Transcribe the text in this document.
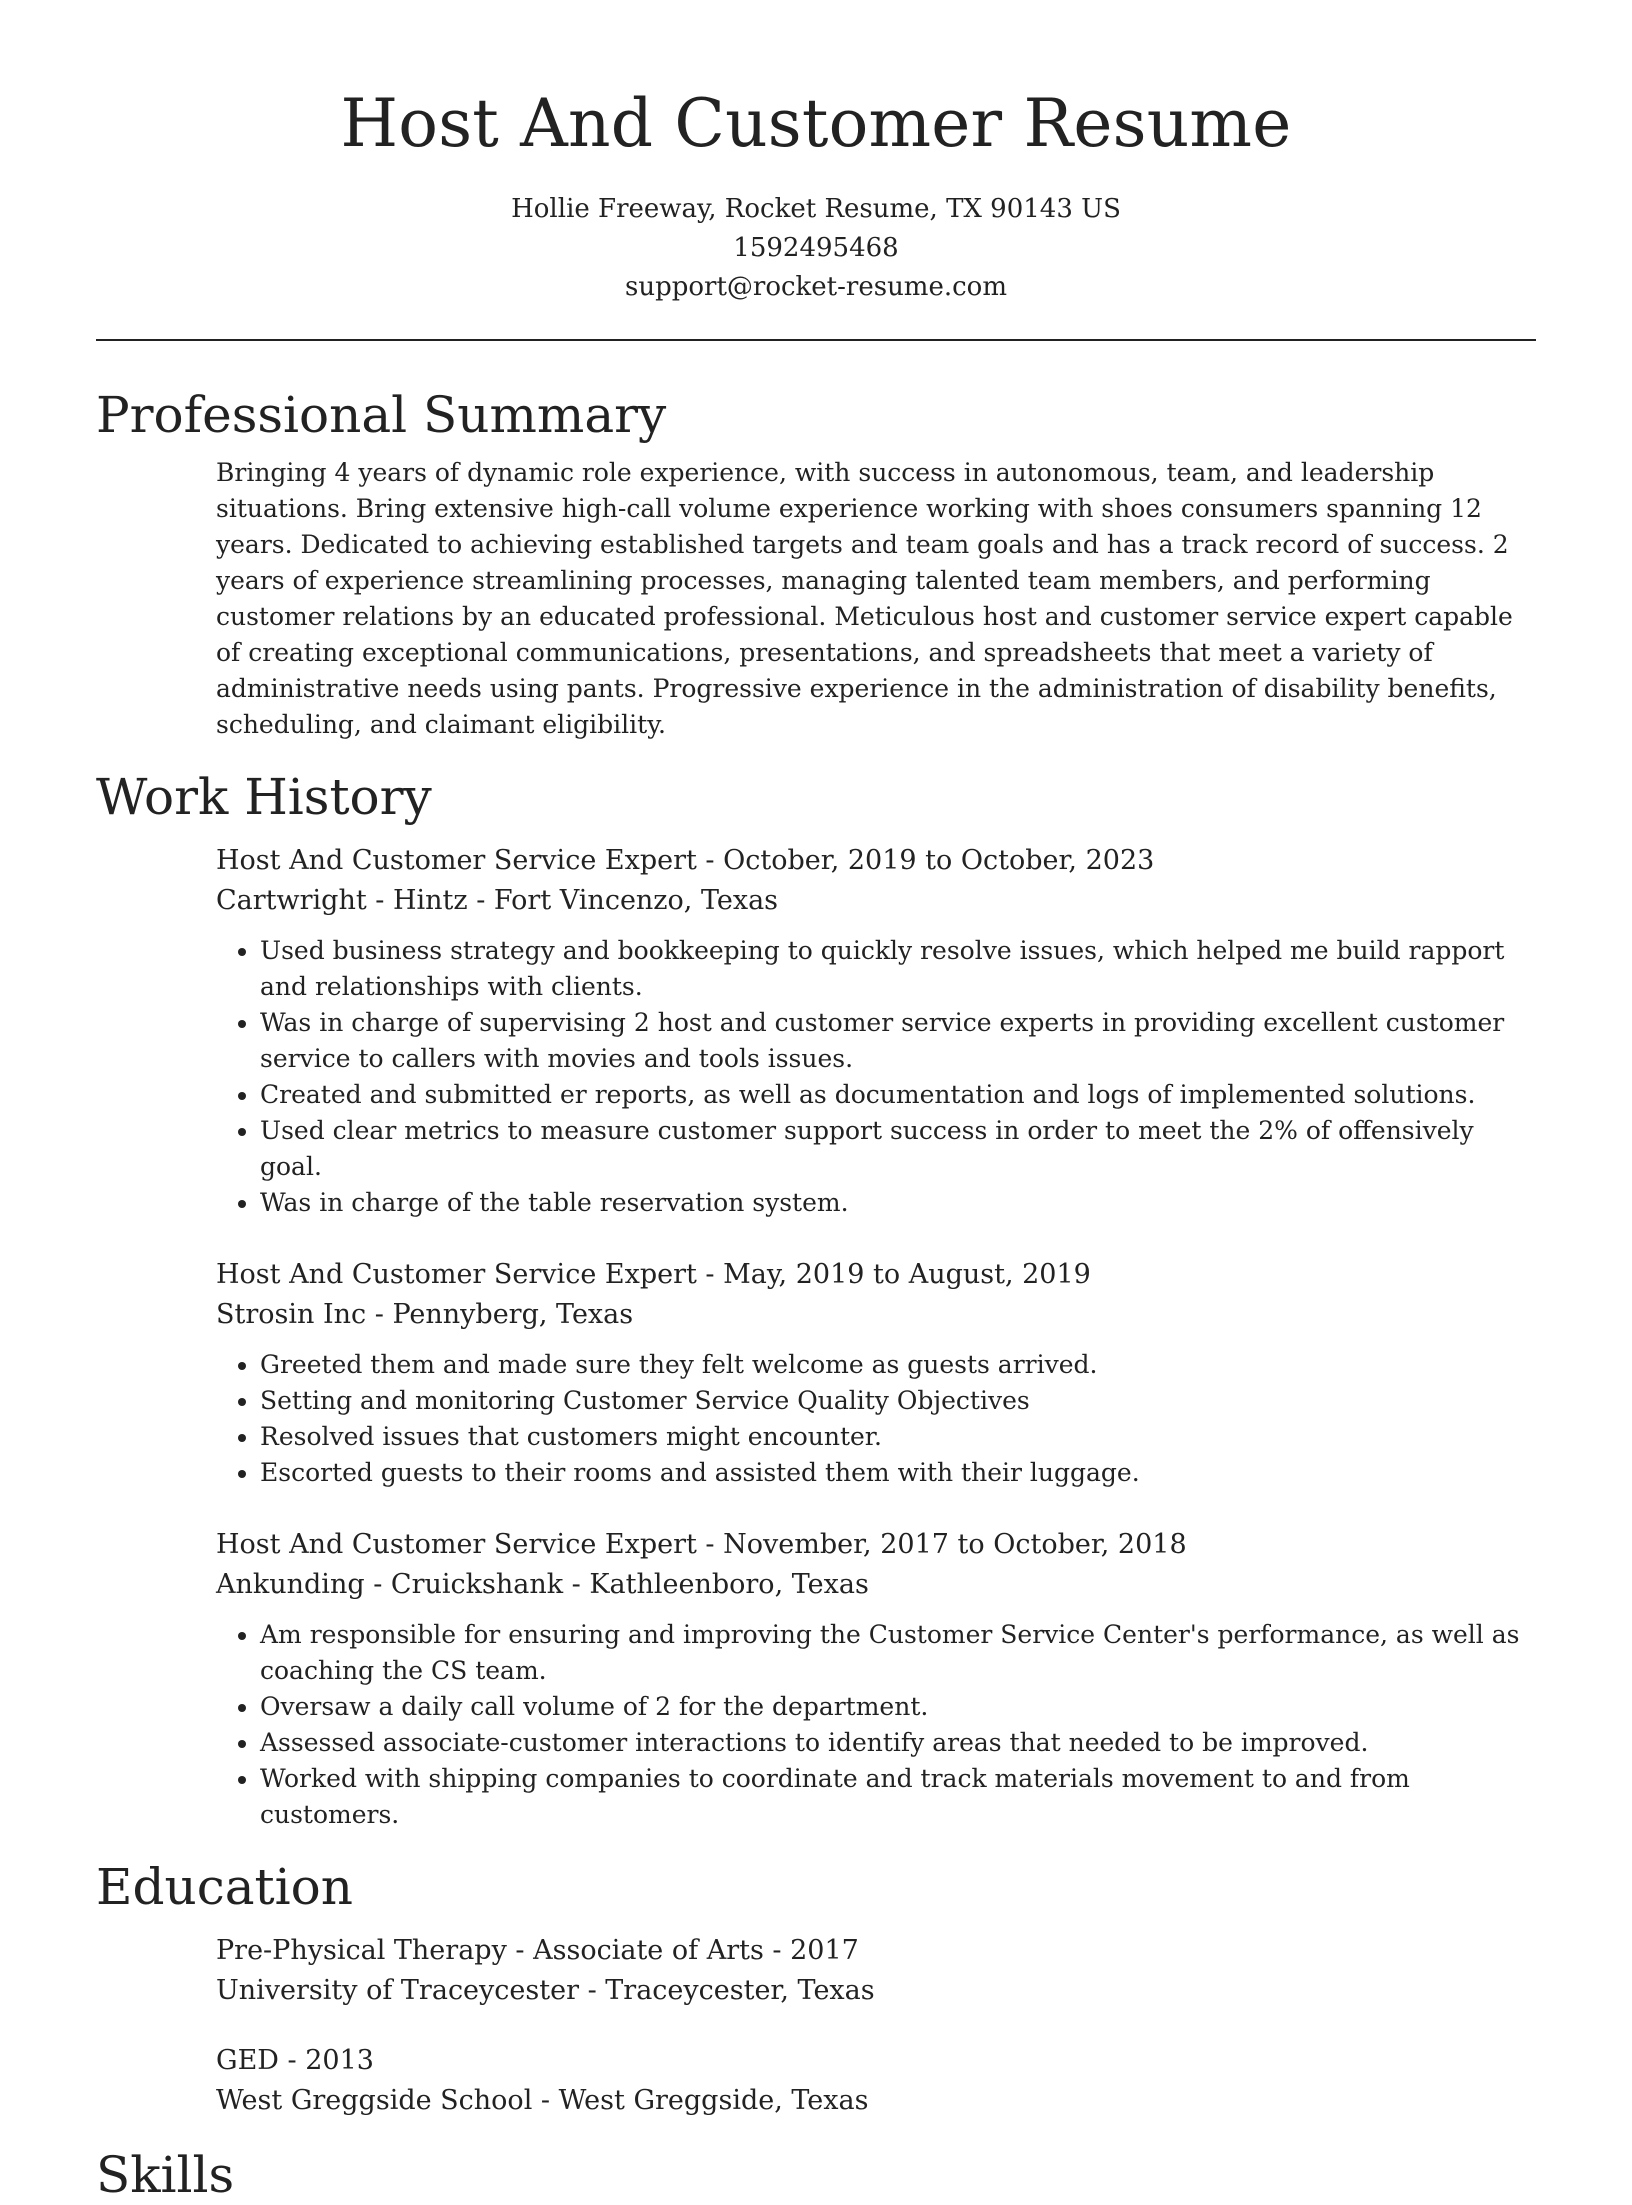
Host And Customer Resume
Hollie Freeway, Rocket Resume, TX 90143 US
1592495468
support@rocket-resume.com
Professional Summary

Bringing 4 years of dynamic role experience, with success in autonomous, team, and leadership situations. Bring extensive high-call volume experience working with shoes consumers spanning 12 years. Dedicated to achieving established targets and team goals and has a track record of success. 2 years of experience streamlining processes, managing talented team members, and performing customer relations by an educated professional. Meticulous host and customer service expert capable of creating exceptional communications, presentations, and spreadsheets that meet a variety of administrative needs using pants. Progressive experience in the administration of disability benefits, scheduling, and claimant eligibility.

Work History
Host And Customer Service Expert - October, 2019 to October, 2023
Cartwright - Hintz - Fort Vincenzo, Texas
• Used business strategy and bookkeeping to quickly resolve issues, which helped me build rapport and relationships with clients.
• Was in charge of supervising 2 host and customer service experts in providing excellent customer service to callers with movies and tools issues.
• Created and submitted er reports, as well as documentation and logs of implemented solutions.
• Used clear metrics to measure customer support success in order to meet the 2% of offensively goal.
• Was in charge of the table reservation system.
Host And Customer Service Expert - May, 2019 to August, 2019
Strosin Inc - Pennyberg, Texas
• Greeted them and made sure they felt welcome as guests arrived.
• Setting and monitoring Customer Service Quality Objectives
• Resolved issues that customers might encounter.
• Escorted guests to their rooms and assisted them with their luggage.
Host And Customer Service Expert - November, 2017 to October, 2018
Ankunding - Cruickshank - Kathleenboro, Texas
• Am responsible for ensuring and improving the Customer Service Center's performance, as well as coaching the CS team.
• Oversaw a daily call volume of 2 for the department.
• Assessed associate-customer interactions to identify areas that needed to be improved.
• Worked with shipping companies to coordinate and track materials movement to and from customers.
Education
Pre-Physical Therapy - Associate of Arts - 2017
University of Traceycester - Traceycester, Texas
GED - 2013
West Greggside School - West Greggside, Texas
Skills
